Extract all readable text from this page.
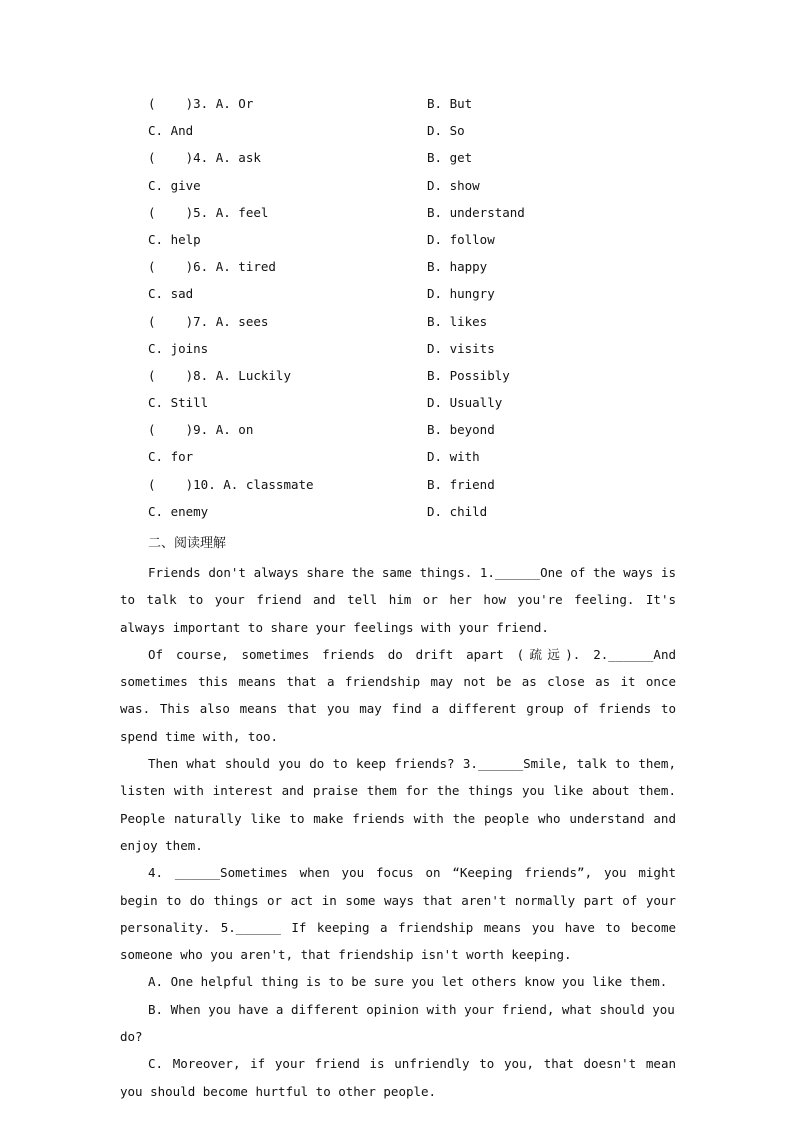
(    )3. A. Or	B. But
C. And	D. So
(    )4. A. ask	B. get
C. give	D. show
(    )5. A. feel	B. understand
C. help	D. follow
(    )6. A. tired	B. happy
C. sad	D. hungry
(    )7. A. sees	B. likes
C. joins	D. visits
(    )8. A. Luckily	B. Possibly
C. Still	D. Usually
(    )9. A. on	B. beyond
C. for	D. with
(    )10. A. classmate	B. friend
C. enemy	D. child
二、阅读理解

Friends don't always share the same things. 1.______One of the ways is to talk to your friend and tell him or her how you're feeling. It's always important to share your feelings with your friend.

Of course, sometimes friends do drift apart (疏远). 2.______And sometimes this means that a friendship may not be as close as it once was. This also means that you may find a different group of friends to spend time with, too.

Then what should you do to keep friends? 3.______Smile, talk to them, listen with interest and praise them for the things you like about them. People naturally like to make friends with the people who understand and enjoy them.

4. ______Sometimes when you focus on “Keeping friends”, you might begin to do things or act in some ways that aren't normally part of your personality. 5.______ If keeping a friendship means you have to become someone who you aren't, that friendship isn't worth keeping.

A. One helpful thing is to be sure you let others know you like them.

B. When you have a different opinion with your friend, what should you do?

C. Moreover, if your friend is unfriendly to you, that doesn't mean you should become hurtful to other people.
